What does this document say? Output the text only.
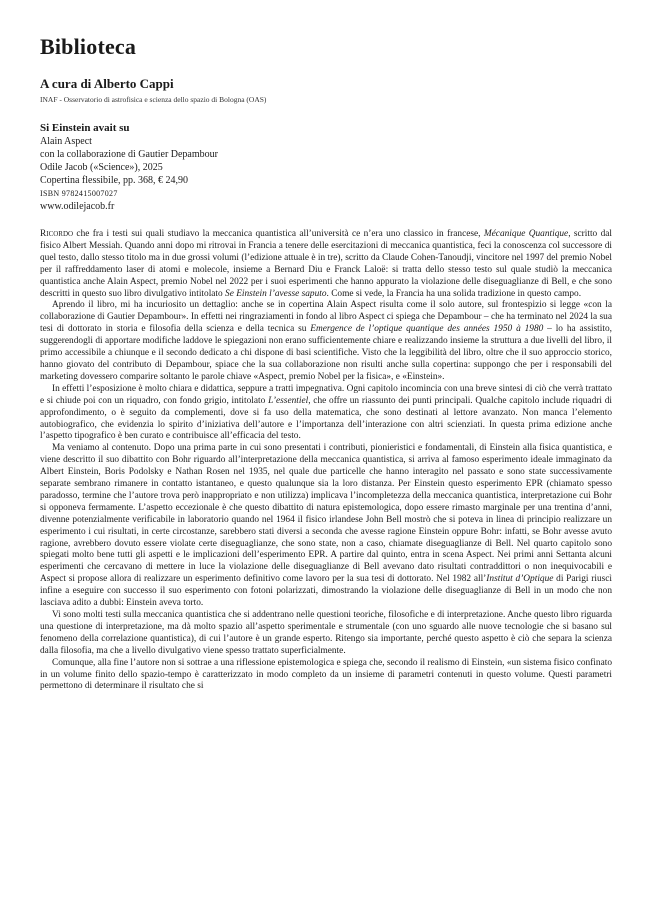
Biblioteca
A cura di Alberto Cappi
INAF - Osservatorio di astrofisica e scienza dello spazio di Bologna (OAS)
Si Einstein avait su
Alain Aspect
con la collaborazione di Gautier Depambour
Odile Jacob («Science»), 2025
Copertina flessibile, pp. 368, € 24,90
ISBN 9782415007027
www.odilejacob.fr

Ricordo che fra i testi sui quali studiavo la meccanica quantistica all’università ce n’era uno classico in francese, Mécanique Quantique, scritto dal fisico Albert Messiah. Quando anni dopo mi ritrovai in Francia a tenere delle esercitazioni di meccanica quantistica, feci la conoscenza col successore di quel testo, dallo stesso titolo ma in due grossi volumi (l’edizione attuale è in tre), scritto da Claude Cohen-Tanoudji, vincitore nel 1997 del premio Nobel per il raffreddamento laser di atomi e molecole, insieme a Bernard Diu e Franck Laloë: si tratta dello stesso testo sul quale studiò la meccanica quantistica anche Alain Aspect, premio Nobel nel 2022 per i suoi esperimenti che hanno appurato la violazione delle diseguaglianze di Bell, e che sono descritti in questo suo libro divulgativo intitolato Se Einstein l’avesse saputo. Come si vede, la Francia ha una solida tradizione in questo campo.

Aprendo il libro, mi ha incuriosito un dettaglio: anche se in copertina Alain Aspect risulta come il solo autore, sul frontespizio si legge «con la collaborazione di Gautier Depambour». In effetti nei ringraziamenti in fondo al libro Aspect ci spiega che Depambour – che ha terminato nel 2024 la sua tesi di dottorato in storia e filosofia della scienza e della tecnica su Emergence de l’optique quantique des années 1950 à 1980 – lo ha assistito, suggerendogli di apportare modifiche laddove le spiegazioni non erano sufficientemente chiare e realizzando insieme la struttura a due livelli del libro, il primo accessibile a chiunque e il secondo dedicato a chi dispone di basi scientifiche. Visto che la leggibilità del libro, oltre che il suo approccio storico, hanno giovato del contributo di Depambour, spiace che la sua collaborazione non risulti anche sulla copertina: suppongo che per i responsabili del marketing dovessero comparire soltanto le parole chiave «Aspect, premio Nobel per la fisica», e «Einstein».

In effetti l’esposizione è molto chiara e didattica, seppure a tratti impegnativa. Ogni capitolo incomincia con una breve sintesi di ciò che verrà trattato e si chiude poi con un riquadro, con fondo grigio, intitolato L’essentiel, che offre un riassunto dei punti principali. Qualche capitolo include riquadri di approfondimento, o è seguito da complementi, dove si fa uso della matematica, che sono destinati al lettore avanzato. Non manca l’elemento autobiografico, che evidenzia lo spirito d’iniziativa dell’autore e l’importanza dell’interazione con altri scienziati. In questa prima edizione anche l’aspetto tipografico è ben curato e contribuisce all’efficacia del testo.

Ma veniamo al contenuto. Dopo una prima parte in cui sono presentati i contributi, pionieristici e fondamentali, di Einstein alla fisica quantistica, e viene descritto il suo dibattito con Bohr riguardo all’interpretazione della meccanica quantistica, si arriva al famoso esperimento ideale immaginato da Albert Einstein, Boris Podolsky e Nathan Rosen nel 1935, nel quale due particelle che hanno interagito nel passato e sono state successivamente separate sembrano rimanere in contatto istantaneo, e questo qualunque sia la loro distanza. Per Einstein questo esperimento EPR (chiamato spesso paradosso, termine che l’autore trova però inappropriato e non utilizza) implicava l’incompletezza della meccanica quantistica, interpretazione cui Bohr si opponeva fermamente. L’aspetto eccezionale è che questo dibattito di natura epistemologica, dopo essere rimasto marginale per una trentina d’anni, divenne potenzialmente verificabile in laboratorio quando nel 1964 il fisico irlandese John Bell mostrò che si poteva in linea di principio realizzare un esperimento i cui risultati, in certe circostanze, sarebbero stati diversi a seconda che avesse ragione Einstein oppure Bohr: infatti, se Bohr avesse avuto ragione, avrebbero dovuto essere violate certe diseguaglianze, che sono state, non a caso, chiamate diseguaglianze di Bell. Nel quarto capitolo sono spiegati molto bene tutti gli aspetti e le implicazioni dell’esperimento EPR. A partire dal quinto, entra in scena Aspect. Nei primi anni Settanta alcuni esperimenti che cercavano di mettere in luce la violazione delle diseguaglianze di Bell avevano dato risultati contraddittori o non inequivocabili e Aspect si propose allora di realizzare un esperimento definitivo come lavoro per la sua tesi di dottorato. Nel 1982 all’Institut d’Optique di Parigi riuscì infine a eseguire con successo il suo esperimento con fotoni polarizzati, dimostrando la violazione delle diseguaglianze di Bell in un modo che non lasciava adito a dubbi: Einstein aveva torto.

Vi sono molti testi sulla meccanica quantistica che si addentrano nelle questioni teoriche, filosofiche e di interpretazione. Anche questo libro riguarda una questione di interpretazione, ma dà molto spazio all’aspetto sperimentale e strumentale (con uno sguardo alle nuove tecnologie che si basano sul fenomeno della correlazione quantistica), di cui l’autore è un grande esperto. Ritengo sia importante, perché questo aspetto è ciò che separa la scienza dalla filosofia, ma che a livello divulgativo viene spesso trattato superficialmente.

Comunque, alla fine l’autore non si sottrae a una riflessione epistemologica e spiega che, secondo il realismo di Einstein, «un sistema fisico confinato in un volume finito dello spazio-tempo è caratterizzato in modo completo da un insieme di parametri contenuti in questo volume. Questi parametri permettono di determinare il risultato che si
